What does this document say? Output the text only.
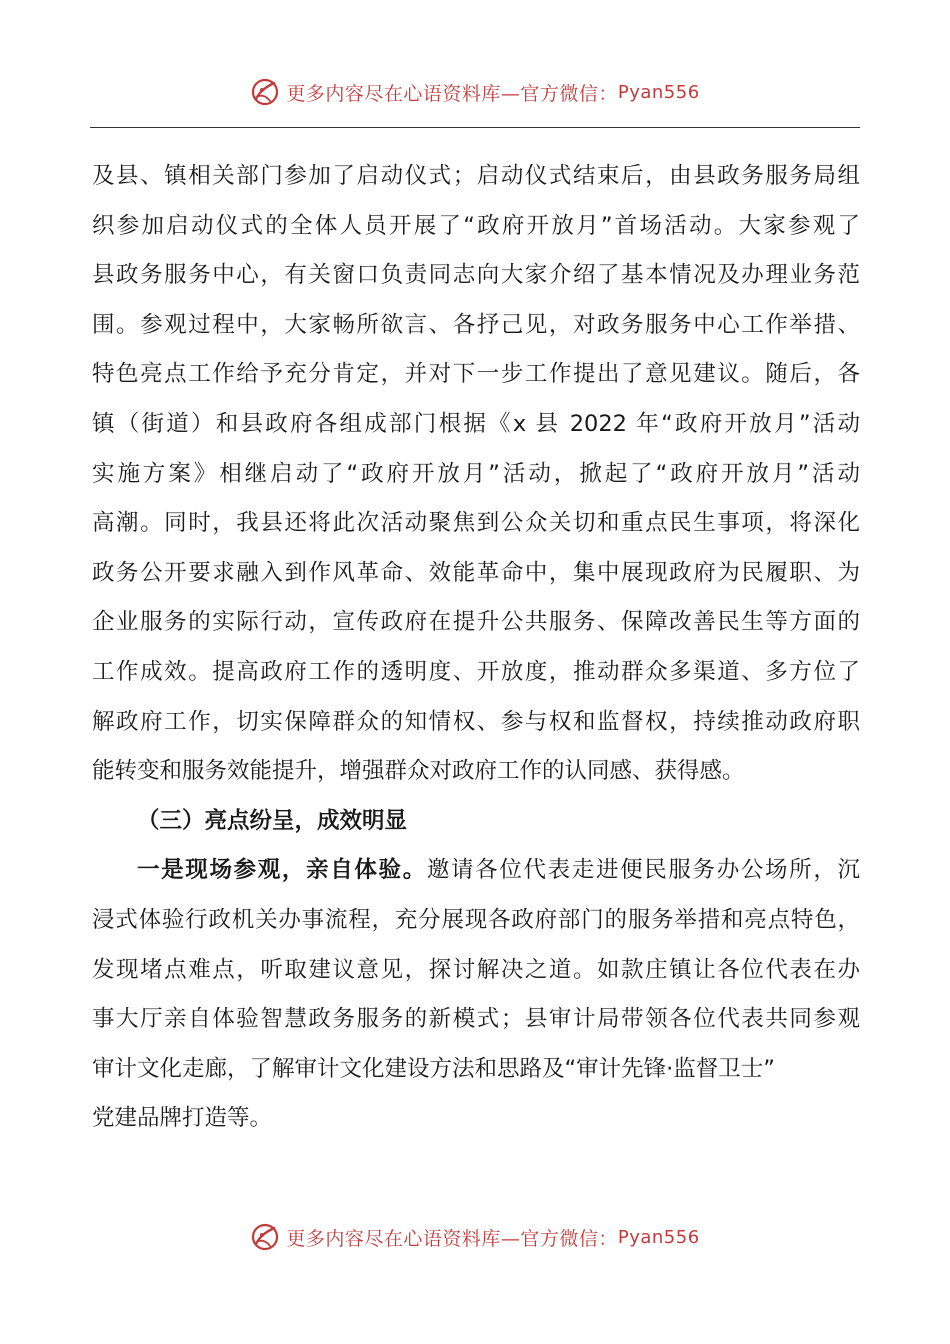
更多内容尽在心语资料库—官方微信： Pyan556
及县、镇相关部门参加了启动仪式；启动仪式结束后，由县政务服务局组
织参加启动仪式的全体人员开展了“政府开放月”首场活动。大家参观了
县政务服务中心，有关窗口负责同志向大家介绍了基本情况及办理业务范
围。参观过程中，大家畅所欲言、各抒己见，对政务服务中心工作举措、
特色亮点工作给予充分肯定，并对下一步工作提出了意见建议。随后，各
镇（街道）和县政府各组成部门根据《x 县 2022 年“政府开放月”活动
实施方案》相继启动了“政府开放月”活动，掀起了“政府开放月”活动
高潮。同时，我县还将此次活动聚焦到公众关切和重点民生事项，将深化
政务公开要求融入到作风革命、效能革命中，集中展现政府为民履职、为
企业服务的实际行动，宣传政府在提升公共服务、保障改善民生等方面的
工作成效。提高政府工作的透明度、开放度，推动群众多渠道、多方位了
解政府工作，切实保障群众的知情权、参与权和监督权，持续推动政府职
能转变和服务效能提升，增强群众对政府工作的认同感、获得感。
（三）亮点纷呈，成效明显
一是现场参观，亲自体验。邀请各位代表走进便民服务办公场所，沉
浸式体验行政机关办事流程，充分展现各政府部门的服务举措和亮点特色，
发现堵点难点，听取建议意见，探讨解决之道。如款庄镇让各位代表在办
事大厅亲自体验智慧政务服务的新模式；县审计局带领各位代表共同参观
审计文化走廊，了解审计文化建设方法和思路及“审计先锋·监督卫士”
党建品牌打造等。
更多内容尽在心语资料库—官方微信： Pyan556
